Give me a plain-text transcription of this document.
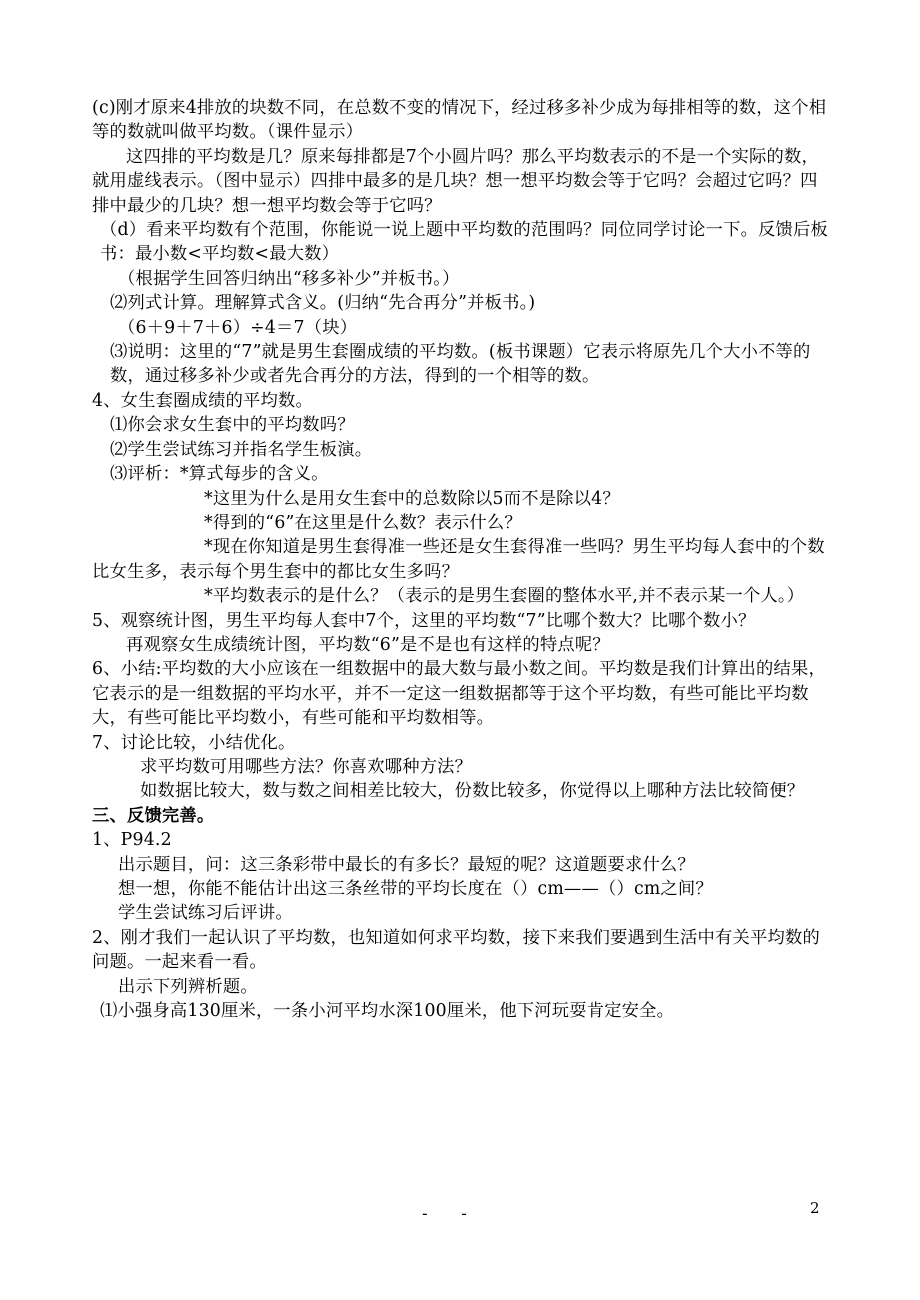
(c)刚才原来4排放的块数不同，在总数不变的情况下，经过移多补少成为每排相等的数，这个相等的数就叫做平均数。（课件显示）
这四排的平均数是几？原来每排都是7个小圆片吗？那么平均数表示的不是一个实际的数，就用虚线表示。（图中显示）四排中最多的是几块？想一想平均数会等于它吗？会超过它吗？四排中最少的几块？想一想平均数会等于它吗？
（d）看来平均数有个范围，你能说一说上题中平均数的范围吗？同位同学讨论一下。反馈后板书：最小数<平均数<最大数）
（根据学生回答归纳出“移多补少”并板书。）
⑵列式计算。理解算式含义。(归纳“先合再分”并板书。)
（6＋9＋7＋6）÷4＝7（块）
⑶说明：这里的“7”就是男生套圈成绩的平均数。(板书课题）它表示将原先几个大小不等的数，通过移多补少或者先合再分的方法，得到的一个相等的数。
4、女生套圈成绩的平均数。
⑴你会求女生套中的平均数吗？
⑵学生尝试练习并指名学生板演。
⑶评析：*算式每步的含义。
*这里为什么是用女生套中的总数除以5而不是除以4？
*得到的“6”在这里是什么数？表示什么？
*现在你知道是男生套得准一些还是女生套得准一些吗？男生平均每人套中的个数比女生多，表示每个男生套中的都比女生多吗？
*平均数表示的是什么？（表示的是男生套圈的整体水平,并不表示某一个人。）
5、观察统计图，男生平均每人套中7个，这里的平均数“7”比哪个数大？比哪个数小？
再观察女生成绩统计图，平均数“6”是不是也有这样的特点呢？
6、小结:平均数的大小应该在一组数据中的最大数与最小数之间。平均数是我们计算出的结果，它表示的是一组数据的平均水平，并不一定这一组数据都等于这个平均数，有些可能比平均数大，有些可能比平均数小，有些可能和平均数相等。
7、讨论比较，小结优化。
求平均数可用哪些方法？你喜欢哪种方法？
如数据比较大，数与数之间相差比较大，份数比较多，你觉得以上哪种方法比较简便？
三、反馈完善。
1、P94.2
出示题目，问：这三条彩带中最长的有多长？最短的呢？这道题要求什么？
想一想，你能不能估计出这三条丝带的平均长度在（）cm——（）cm之间？
学生尝试练习后评讲。
2、刚才我们一起认识了平均数，也知道如何求平均数，接下来我们要遇到生活中有关平均数的问题。一起来看一看。
出示下列辨析题。
⑴小强身高130厘米，一条小河平均水深100厘米，他下河玩耍肯定安全。
- -	2
